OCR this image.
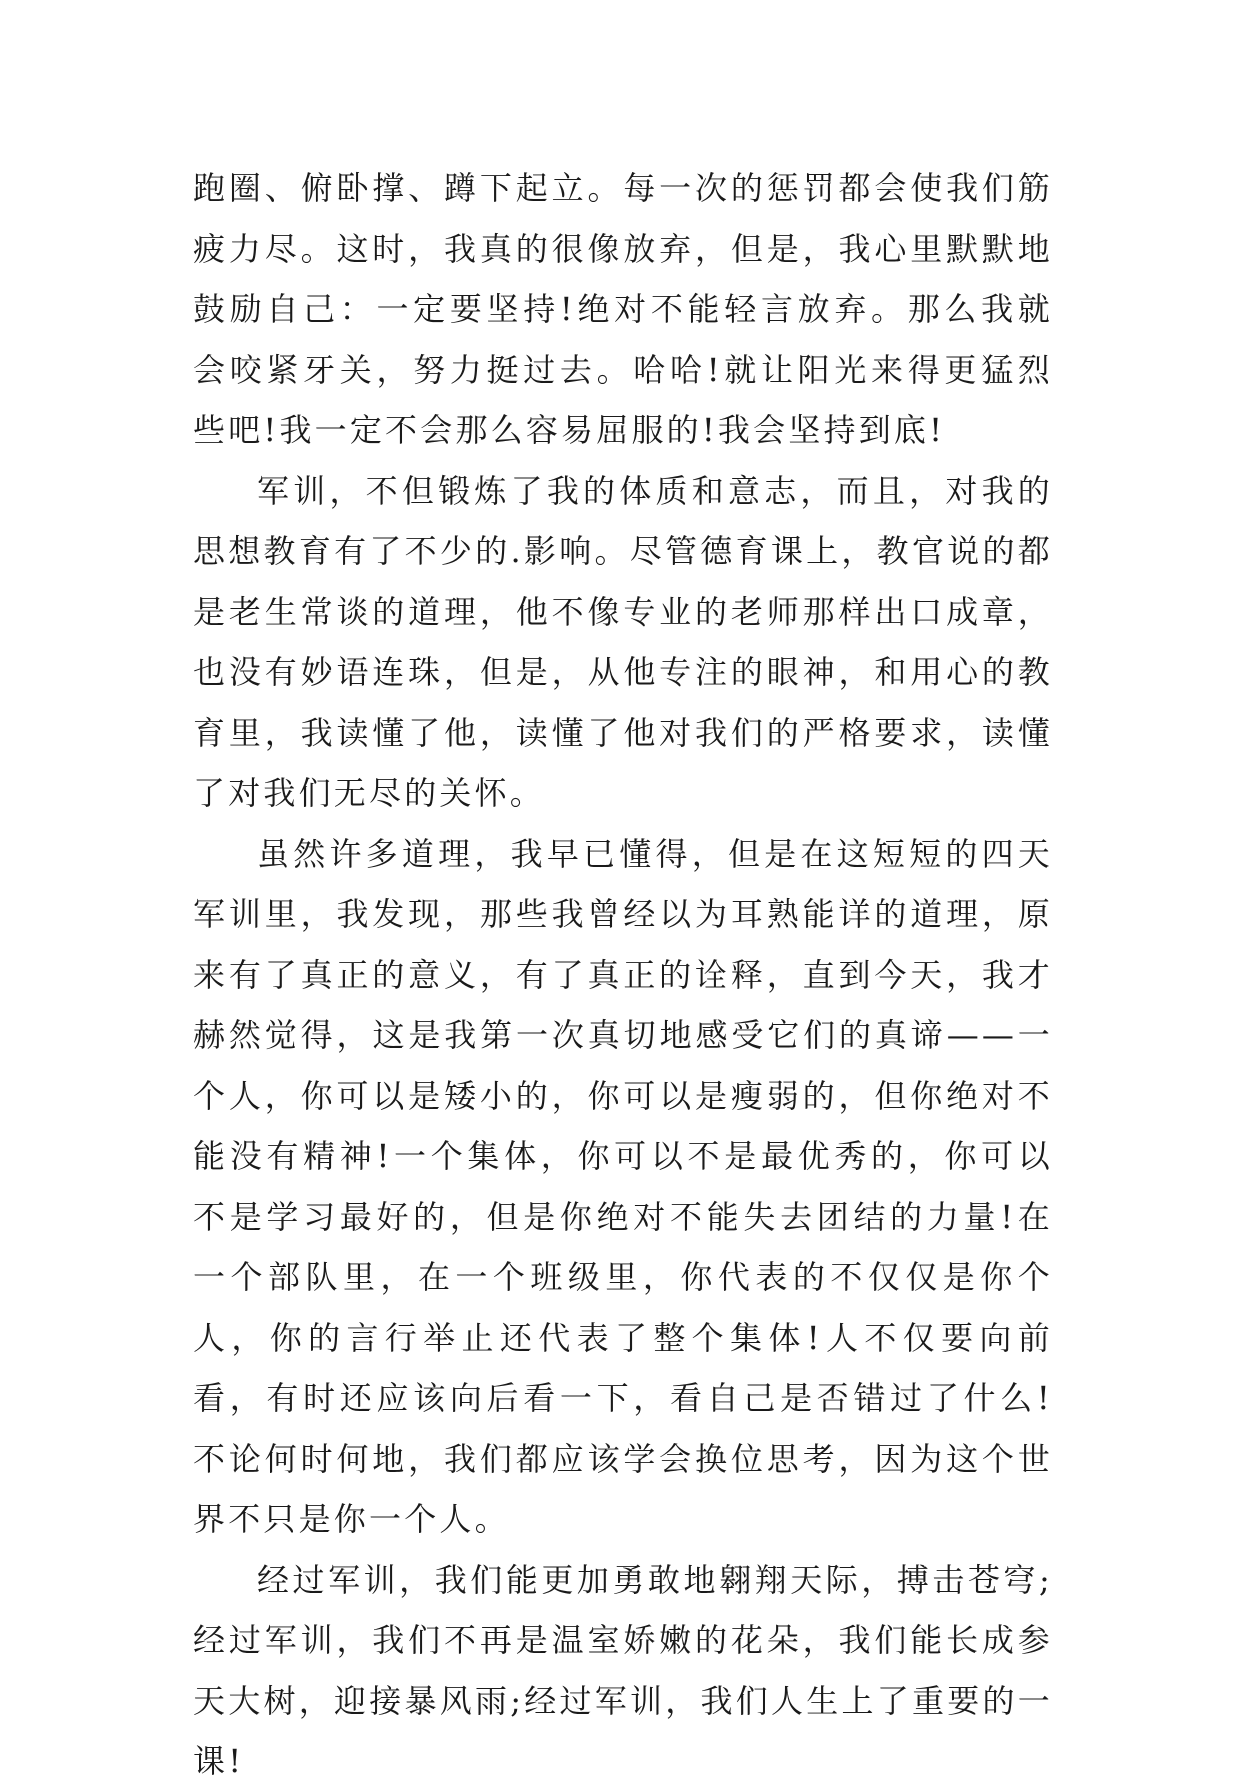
跑圈、俯卧撑、蹲下起立。每一次的惩罚都会使我们筋疲力尽。这时，我真的很像放弃，但是，我心里默默地鼓励自己：一定要坚持!绝对不能轻言放弃。那么我就会咬紧牙关，努力挺过去。哈哈!就让阳光来得更猛烈些吧!我一定不会那么容易屈服的!我会坚持到底!

军训，不但锻炼了我的体质和意志，而且，对我的思想教育有了不少的.影响。尽管德育课上，教官说的都是老生常谈的道理，他不像专业的老师那样出口成章，也没有妙语连珠，但是，从他专注的眼神，和用心的教育里，我读懂了他，读懂了他对我们的严格要求，读懂了对我们无尽的关怀。

虽然许多道理，我早已懂得，但是在这短短的四天军训里，我发现，那些我曾经以为耳熟能详的道理，原来有了真正的意义，有了真正的诠释，直到今天，我才赫然觉得，这是我第一次真切地感受它们的真谛——一个人，你可以是矮小的，你可以是瘦弱的，但你绝对不能没有精神!一个集体，你可以不是最优秀的，你可以不是学习最好的，但是你绝对不能失去团结的力量!在一个部队里，在一个班级里，你代表的不仅仅是你个人，你的言行举止还代表了整个集体!人不仅要向前看，有时还应该向后看一下，看自己是否错过了什么!不论何时何地，我们都应该学会换位思考，因为这个世界不只是你一个人。

经过军训，我们能更加勇敢地翱翔天际，搏击苍穹;经过军训，我们不再是温室娇嫩的花朵，我们能长成参天大树，迎接暴风雨;经过军训，我们人生上了重要的一课!
